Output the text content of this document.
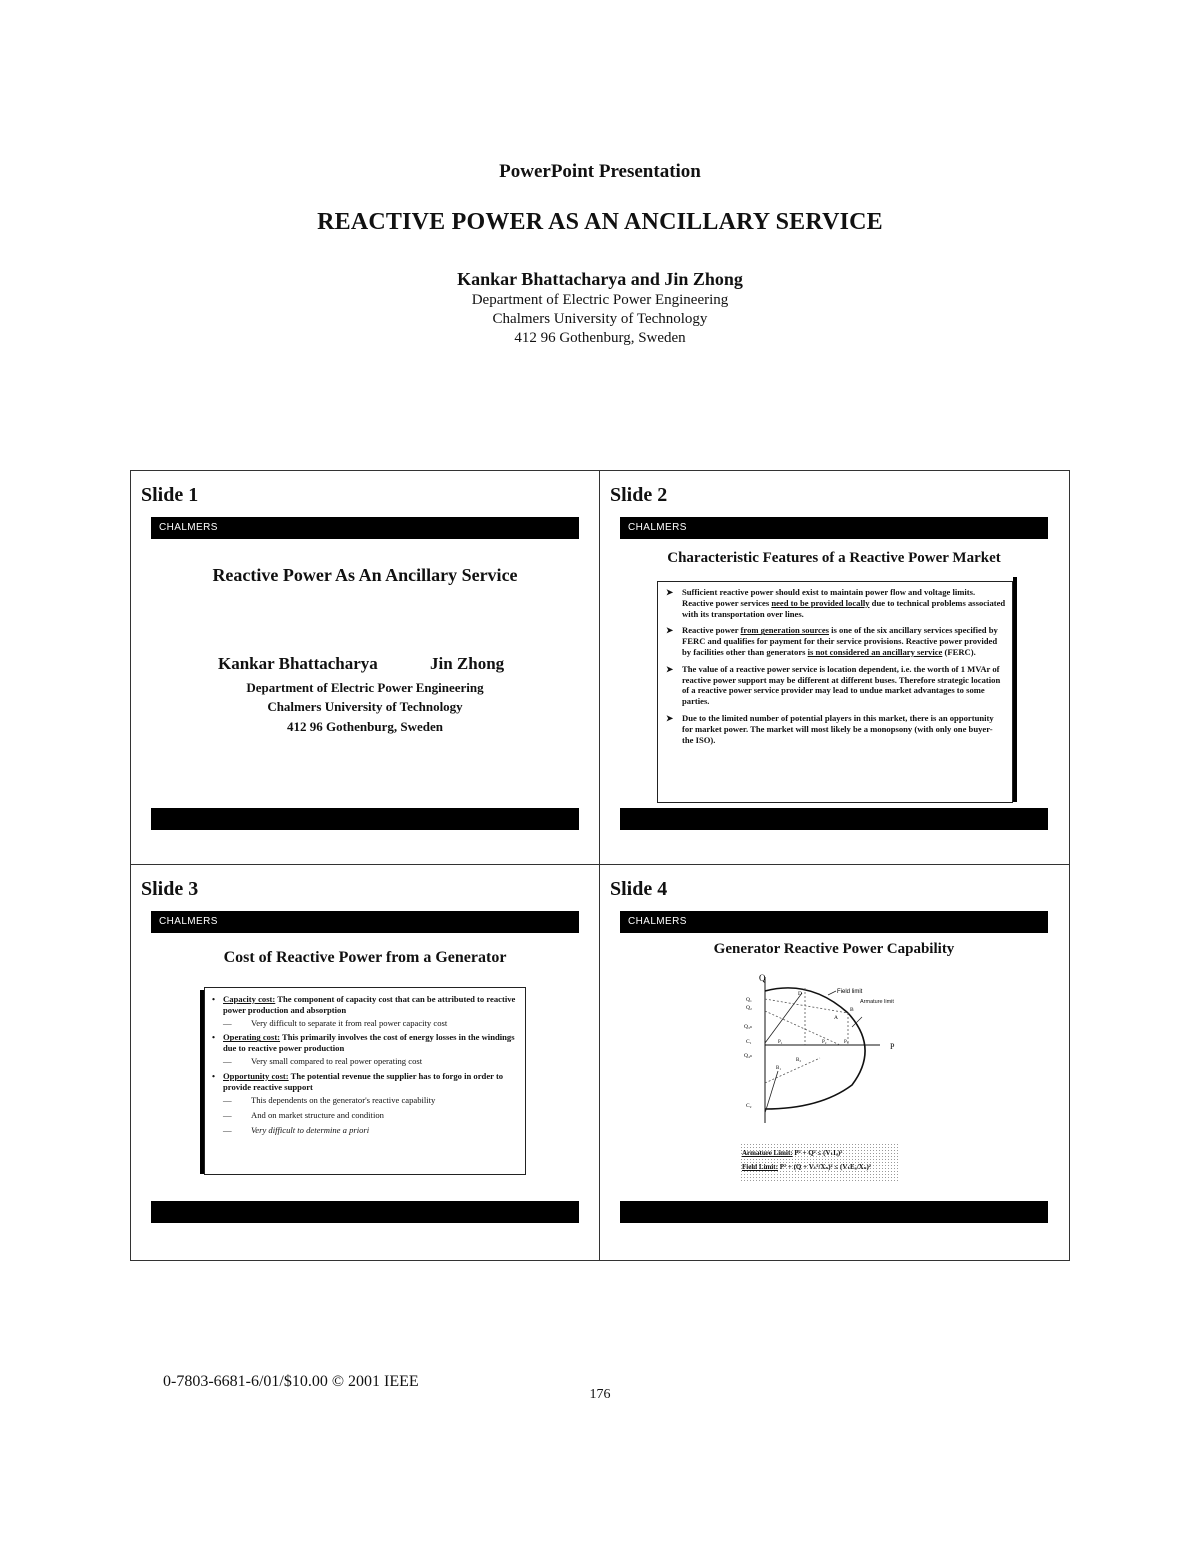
PowerPoint Presentation
REACTIVE POWER AS AN ANCILLARY SERVICE
Kankar Bhattacharya and Jin Zhong
Department of Electric Power Engineering
Chalmers University of Technology
412 96 Gothenburg, Sweden
Slide 1
CHALMERS
Reactive Power As An Ancillary Service
Kankar Bhattacharya	Jin Zhong
Department of Electric Power Engineering
Chalmers University of Technology
412 96 Gothenburg, Sweden
Slide 2
CHALMERS
Characteristic Features of a Reactive Power Market
➤ Sufficient reactive power should exist to maintain power flow and voltage limits. Reactive power services need to be provided locally due to technical problems associated with its transportation over lines.
➤ Reactive power from generation sources is one of the six ancillary services specified by FERC and qualifies for payment for their service provisions. Reactive power provided by facilities other than generators is not considered an ancillary service (FERC).
➤ The value of a reactive power service is location dependent, i.e. the worth of 1 MVAr of reactive power support may be different at different buses. Therefore strategic location of a reactive power service provider may lead to undue market advantages to some parties.
➤ Due to the limited number of potential players in this market, there is an opportunity for market power. The market will most likely be a monopsony (with only one buyer- the ISO).
Slide 3
CHALMERS
Cost of Reactive Power from a Generator
• Capacity cost: The component of capacity cost that can be attributed to reactive power production and absorption
—	Very difficult to separate it from real power capacity cost
• Operating cost: This primarily involves the cost of energy losses in the windings due to reactive power production
—	Very small compared to real power operating cost
• Opportunity cost: The potential revenue the supplier has to forgo in order to provide reactive support
—	This dependents on the generator's reactive capability
—	And on market structure and condition
—	Very difficult to determine a priori
Slide 4
CHALMERS
Generator Reactive Power Capability
Q
P
Field limit
Armature limit
Q₁
Q₂
Q₃ₙ
C₁
Q₄ₙ
C₂
D
A
B
P₁	P₂	P₃
B₁
B₂
Armature Limit: P² + Q² ≤ (VₜIₐ)²
Field Limit: P² + (Q + Vₜ²/Xₛ)² ≤ (VₜEₐ/Xₛ)²
0-7803-6681-6/01/$10.00 © 2001 IEEE
176
